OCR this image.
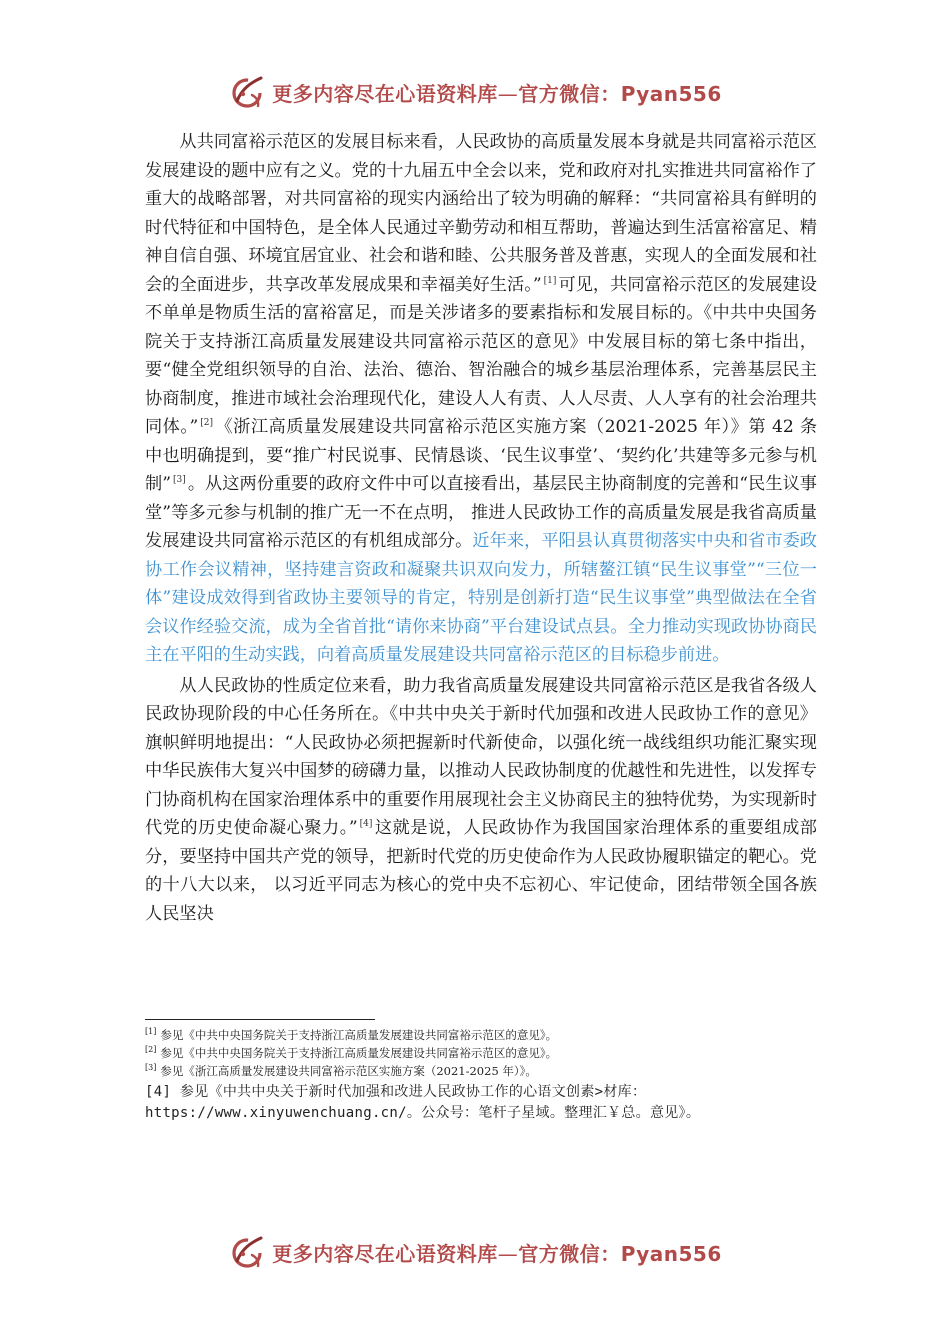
更多内容尽在心语资料库—官方微信：Pyan556

从共同富裕示范区的发展目标来看，人民政协的高质量发展本身就是共同富裕示范区发展建设的题中应有之义。党的十九届五中全会以来，党和政府对扎实推进共同富裕作了重大的战略部署，对共同富裕的现实内涵给出了较为明确的解释：“共同富裕具有鲜明的时代特征和中国特色，是全体人民通过辛勤劳动和相互帮助，普遍达到生活富裕富足、精神自信自强、环境宜居宜业、社会和谐和睦、公共服务普及普惠，实现人的全面发展和社会的全面进步，共享改革发展成果和幸福美好生活。” [1] 可见，共同富裕示范区的发展建设不单单是物质生活的富裕富足，而是关涉诸多的要素指标和发展目标的。《中共中央国务院关于支持浙江高质量发展建设共同富裕示范区的意见》中发展目标的第七条中指出，要“健全党组织领导的自治、法治、德治、智治融合的城乡基层治理体系，完善基层民主协商制度，推进市域社会治理现代化，建设人人有责、人人尽责、人人享有的社会治理共同体。” [2] 《浙江高质量发展建设共同富裕示范区实施方案（2021-2025 年）》第 42 条中也明确提到，要“推广村民说事、民情恳谈、‘民生议事堂’、‘契约化’共建等多元参与机制” [3] 。从这两份重要的政府文件中可以直接看出，基层民主协商制度的完善和“民生议事堂”等多元参与机制的推广无一不在点明， 推进人民政协工作的高质量发展是我省高质量发展建设共同富裕示范区的有机组成部分。近年来，平阳县认真贯彻落实中央和省市委政协工作会议精神，坚持建言资政和凝聚共识双向发力，所辖鳌江镇“民生议事堂”“三位一体”建设成效得到省政协主要领导的肯定，特别是创新打造“民生议事堂”典型做法在全省会议作经验交流，成为全省首批“请你来协商”平台建设试点县。全力推动实现政协协商民主在平阳的生动实践，向着高质量发展建设共同富裕示范区的目标稳步前进。

从人民政协的性质定位来看，助力我省高质量发展建设共同富裕示范区是我省各级人民政协现阶段的中心任务所在。《中共中央关于新时代加强和改进人民政协工作的意见》旗帜鲜明地提出：“人民政协必须把握新时代新使命，以强化统一战线组织功能汇聚实现中华民族伟大复兴中国梦的磅礴力量，以推动人民政协制度的优越性和先进性，以发挥专门协商机构在国家治理体系中的重要作用展现社会主义协商民主的独特优势，为实现新时代党的历史使命凝心聚力。” [4] 这就是说，人民政协作为我国国家治理体系的重要组成部分，要坚持中国共产党的领导，把新时代党的历史使命作为人民政协履职锚定的靶心。党的十八大以来， 以习近平同志为核心的党中央不忘初心、牢记使命，团结带领全国各族人民坚决

[1] 参见《中共中央国务院关于支持浙江高质量发展建设共同富裕示范区的意见》。
[2] 参见《中共中央国务院关于支持浙江高质量发展建设共同富裕示范区的意见》。
[3] 参见《浙江高质量发展建设共同富裕示范区实施方案（2021-2025 年）》。
[4] 参见《中共中央关于新时代加强和改进人民政协工作的心语文创素>材库：
https://www.xinyuwenchuang.cn/。公众号：笔杆子星域。整理汇￥总。意见》。
更多内容尽在心语资料库—官方微信：Pyan556
